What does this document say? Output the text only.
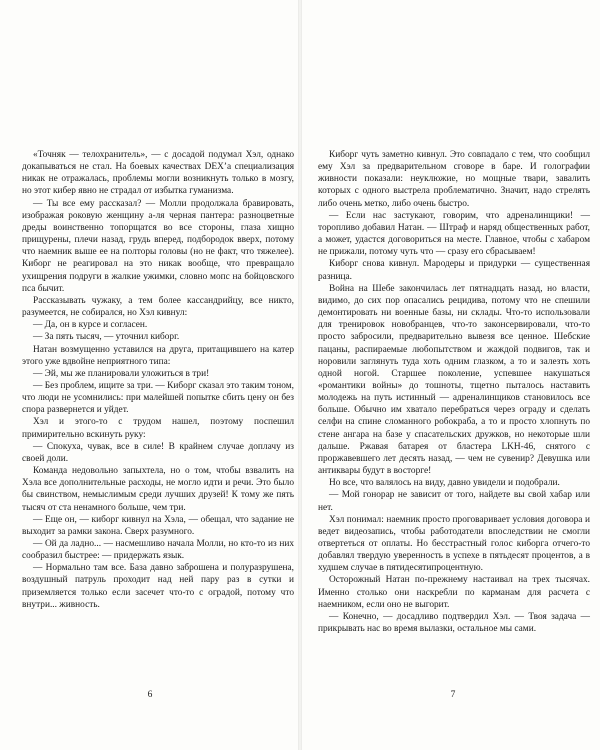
«Точняк — телохранитель», — с досадой подумал Хэл, однако докапываться не стал. На боевых качествах DEX’а специализация никак не отражалась, проблемы могли возникнуть только в мозгу, но этот кибер явно не страдал от избытка гуманизма.

— Ты все ему рассказал? — Молли продолжала бравировать, изображая роковую женщину а-ля черная пантера: разноцветные дреды воинственно топорщатся во все стороны, глаза хищно прищурены, плечи назад, грудь вперед, подбородок вверх, потому что наемник выше ее на полторы головы (но не факт, что тяжелее). Киборг не реагировал на это никак вообще, что превращало ухищрения подруги в жалкие ужимки, словно мопс на бойцовского пса бычит.

Рассказывать чужаку, а тем более кассандрийцу, все никто, разумеется, не собирался, но Хэл кивнул:

— Да, он в курсе и согласен.

— За пять тысяч, — уточнил киборг.

Натан возмущенно уставился на друга, притащившего на катер этого уже вдвойне неприятного типа:

— Эй, мы же планировали уложиться в три!

— Без проблем, ищите за три. — Киборг сказал это таким тоном, что люди не усомнились: при малейшей попытке сбить цену он без спора развернется и уйдет.

Хэл и этого-то с трудом нашел, поэтому поспешил примирительно вскинуть руку:

— Спокуха, чувак, все в силе! В крайнем случае доплачу из своей доли.

Команда недовольно запыхтела, но о том, чтобы взвалить на Хэла все дополнительные расходы, не могло идти и речи. Это было бы свинством, немыслимым среди лучших друзей! К тому же пять тысяч от ста ненамного больше, чем три.

— Еще он, — киборг кивнул на Хэла, — обещал, что задание не выходит за рамки закона. Сверх разумного.

— Ой да ладно... — насмешливо начала Молли, но кто-то из них сообразил быстрее: — придержать язык.

— Нормально там все. База давно заброшена и полуразрушена, воздушный патруль проходит над ней пару раз в сутки и приземляется только если засечет что-то с оградой, потому что внутри... живность.

Киборг чуть заметно кивнул. Это совпадало с тем, что сообщил ему Хэл за предварительном сговоре в баре. И голографии живности показали: неуклюжие, но мощные твари, завалить которых с одного выстрела проблематично. Значит, надо стрелять либо очень метко, либо очень быстро.

— Если нас застукают, говорим, что адреналинщики! — торопливо добавил Натан. — Штраф и наряд общественных работ, а может, удастся договориться на месте. Главное, чтобы с хабаром не прижали, потому чуть что — сразу его сбрасываем!

Киборг снова кивнул. Мародеры и придурки — существенная разница.

Война на Шебе закончилась лет пятнадцать назад, но власти, видимо, до сих пор опасались рецидива, потому что не спешили демонтировать ни военные базы, ни склады. Что-то использовали для тренировок новобранцев, что-то законсервировали, что-то просто забросили, предварительно вывезя все ценное. Шебские пацаны, распираемые любопытством и жаждой подвигов, так и норовили заглянуть туда хоть одним глазком, а то и залезть хоть одной ногой. Старшее поколение, успевшее накушаться «романтики войны» до тошноты, тщетно пыталось наставить молодежь на путь истинный — адреналинщиков становилось все больше. Обычно им хватало перебраться через ограду и сделать селфи на спине сломанного робокраба, а то и просто хлопнуть по стене ангара на базе у спасательских дружков, но некоторые шли дальше. Ржавая батарея от бластера LKH-46, снятого с проржавевшего лет десять назад, — чем не сувенир? Девушка или антиквары будут в восторге!

Но все, что валялось на виду, давно увидели и подобрали.

— Мой гонорар не зависит от того, найдете вы свой хабар или нет.

Хэл понимал: наемник просто проговаривает условия договора и ведет видеозапись, чтобы работодатели впоследствии не смогли отвертеться от оплаты. Но бесстрастный голос киборга отчего-то добавлял твердую уверенность в успехе в пятьдесят процентов, а в худшем случае в пятидесятипроцентную.

Осторожный Натан по-прежнему настаивал на трех тысячах. Именно столько они наскребли по карманам для расчета с наемником, если оно не выгорит.

— Конечно, — досадливо подтвердил Хэл. — Твоя задача — прикрывать нас во время вылазки, остальное мы сами.

6	7
